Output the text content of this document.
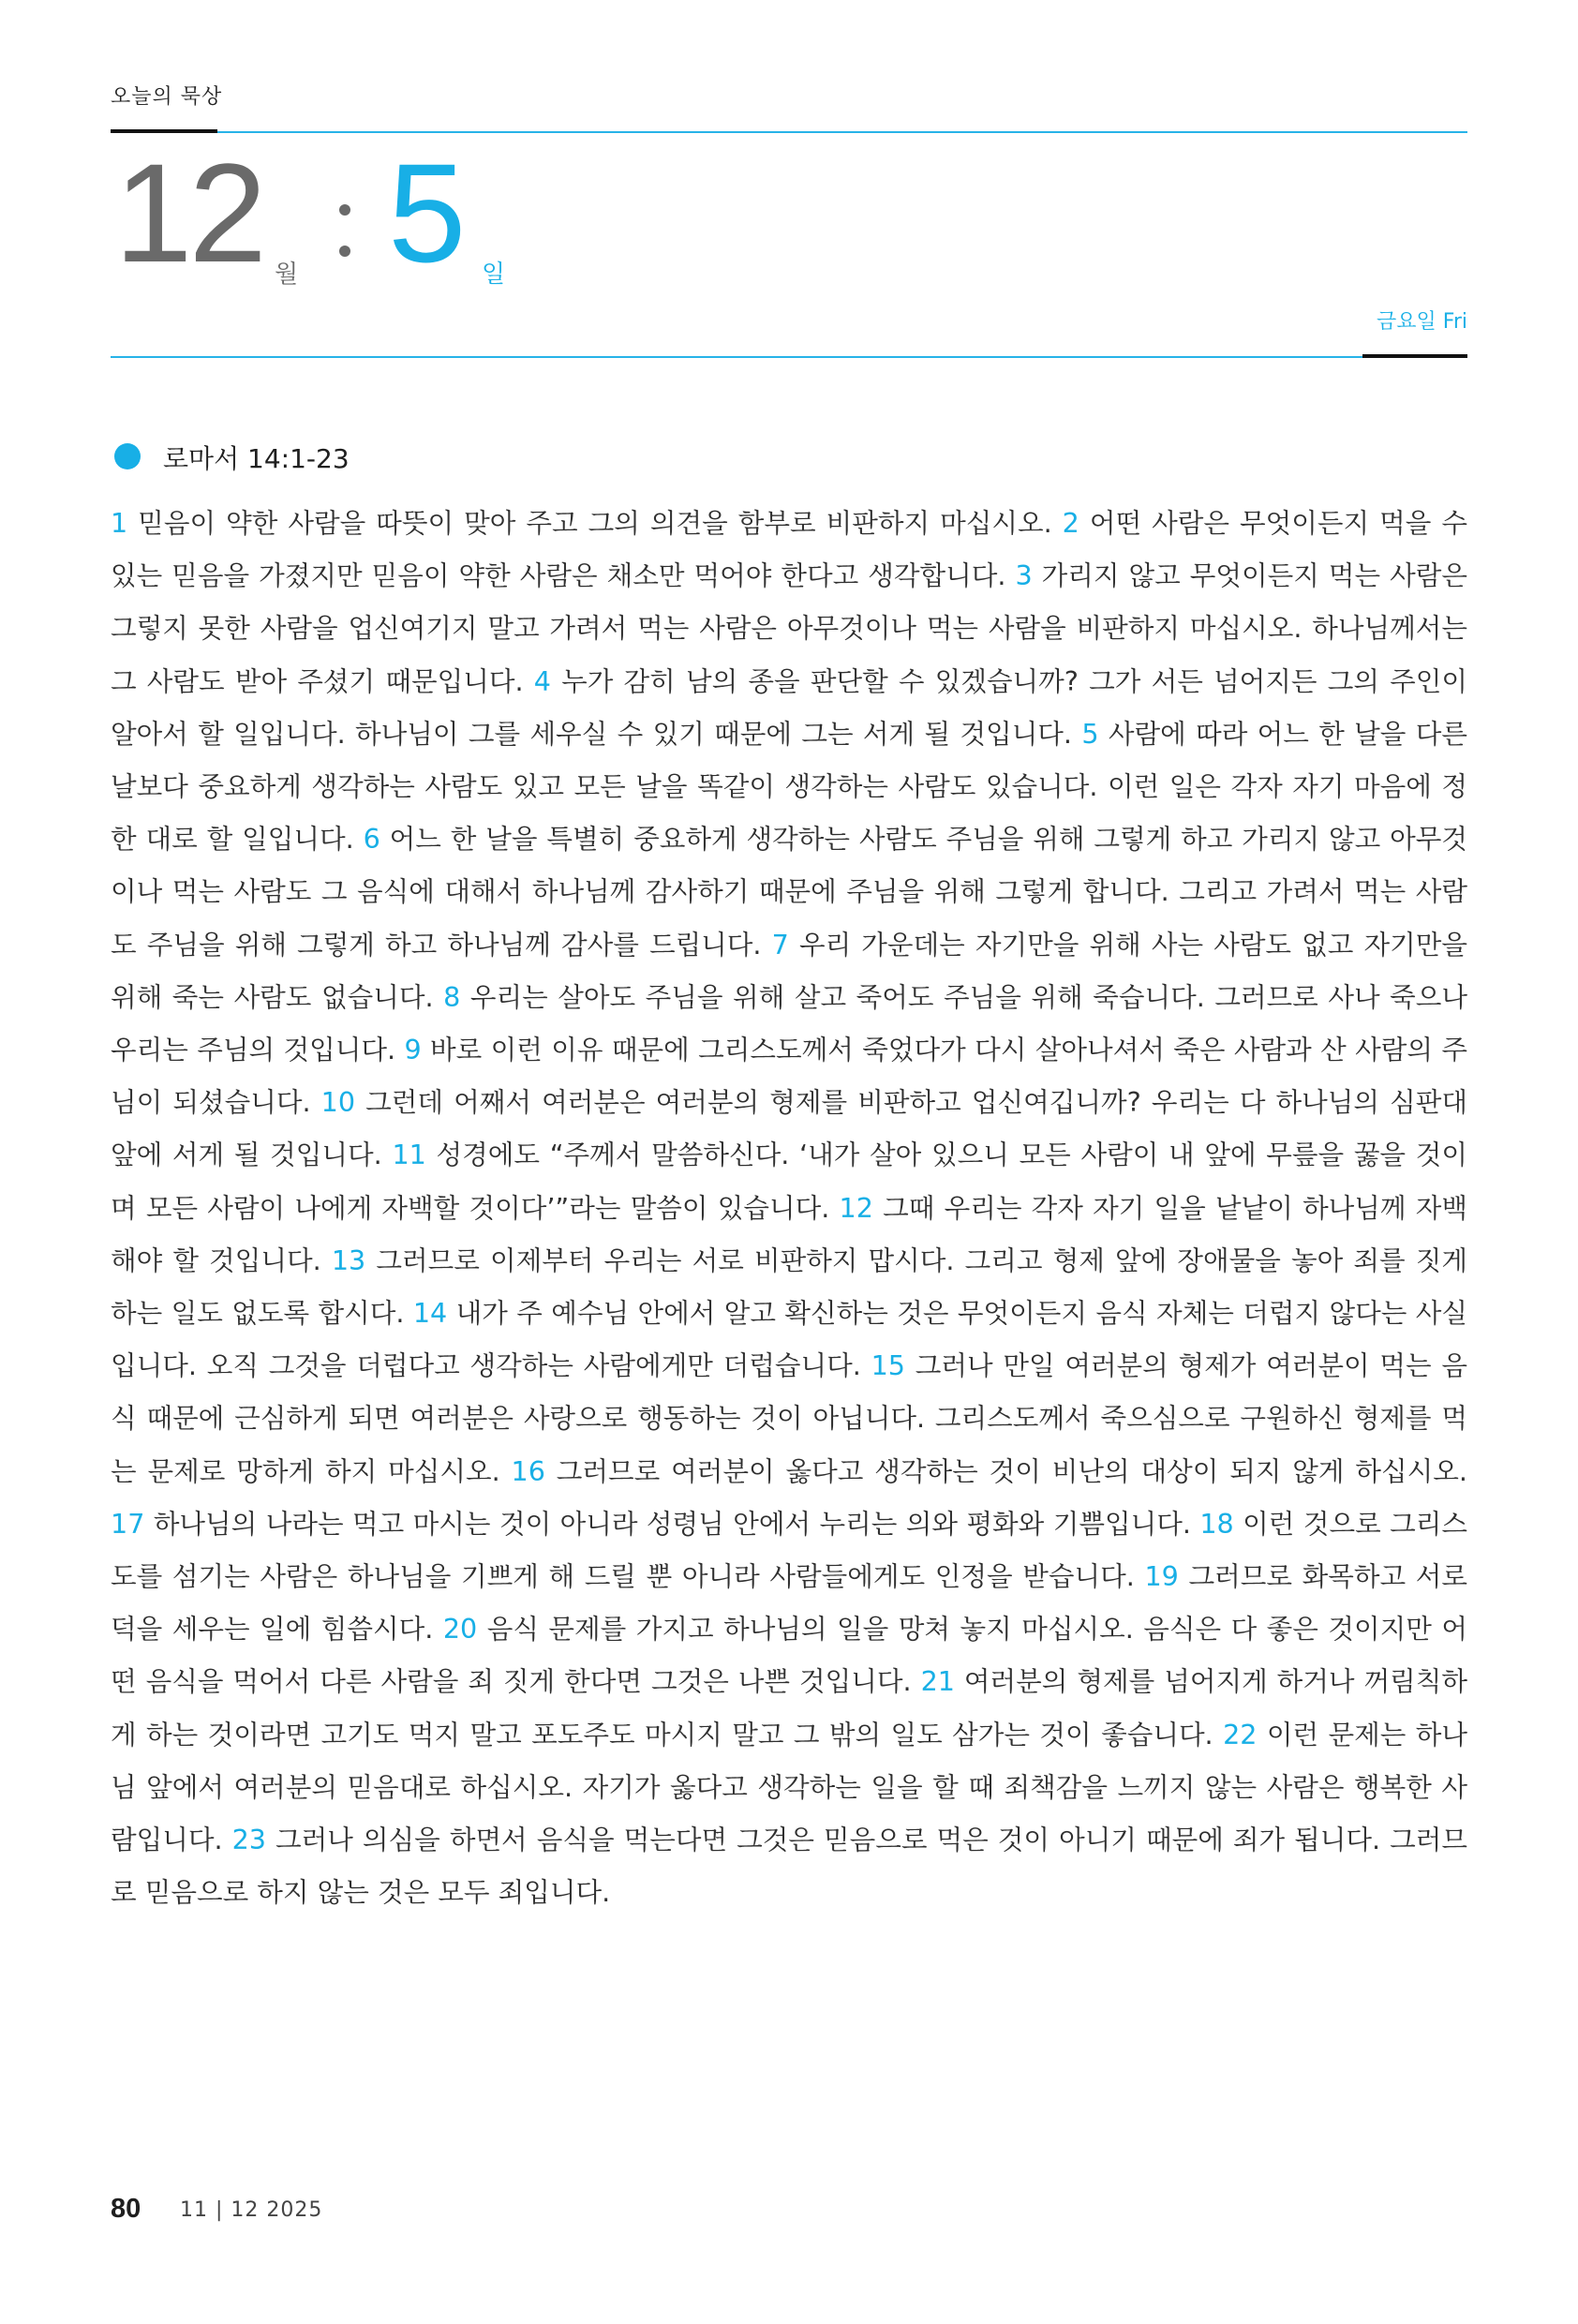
오늘의 묵상
12 월 5 일
금요일 Fri
로마서 14:1-23
1 믿음이 약한 사람을 따뜻이 맞아 주고 그의 의견을 함부로 비판하지 마십시오. 2 어떤 사람은 무엇이든지 먹을 수 있는 믿음을 가졌지만 믿음이 약한 사람은 채소만 먹어야 한다고 생각합니다. 3 가리지 않고 무엇이든지 먹는 사람은 그렇지 못한 사람을 업신여기지 말고 가려서 먹는 사람은 아무것이나 먹는 사람을 비판하지 마십시오. 하나님께서는 그 사람도 받아 주셨기 때문입니다. 4 누가 감히 남의 종을 판단할 수 있겠습니까? 그가 서든 넘어지든 그의 주인이 알아서 할 일입니다. 하나님이 그를 세우실 수 있기 때문에 그는 서게 될 것입니다. 5 사람에 따라 어느 한 날을 다른 날보다 중요하게 생각하는 사람도 있고 모든 날을 똑같이 생각하는 사람도 있습니다. 이런 일은 각자 자기 마음에 정한 대로 할 일입니다. 6 어느 한 날을 특별히 중요하게 생각하는 사람도 주님을 위해 그렇게 하고 가리지 않고 아무것이나 먹는 사람도 그 음식에 대해서 하나님께 감사하기 때문에 주님을 위해 그렇게 합니다. 그리고 가려서 먹는 사람도 주님을 위해 그렇게 하고 하나님께 감사를 드립니다. 7 우리 가운데는 자기만을 위해 사는 사람도 없고 자기만을 위해 죽는 사람도 없습니다. 8 우리는 살아도 주님을 위해 살고 죽어도 주님을 위해 죽습니다. 그러므로 사나 죽으나 우리는 주님의 것입니다. 9 바로 이런 이유 때문에 그리스도께서 죽었다가 다시 살아나셔서 죽은 사람과 산 사람의 주님이 되셨습니다. 10 그런데 어째서 여러분은 여러분의 형제를 비판하고 업신여깁니까? 우리는 다 하나님의 심판대 앞에 서게 될 것입니다. 11 성경에도 “주께서 말씀하신다. ‘내가 살아 있으니 모든 사람이 내 앞에 무릎을 꿇을 것이며 모든 사람이 나에게 자백할 것이다’”라는 말씀이 있습니다. 12 그때 우리는 각자 자기 일을 낱낱이 하나님께 자백해야 할 것입니다. 13 그러므로 이제부터 우리는 서로 비판하지 맙시다. 그리고 형제 앞에 장애물을 놓아 죄를 짓게 하는 일도 없도록 합시다. 14 내가 주 예수님 안에서 알고 확신하는 것은 무엇이든지 음식 자체는 더럽지 않다는 사실입니다. 오직 그것을 더럽다고 생각하는 사람에게만 더럽습니다. 15 그러나 만일 여러분의 형제가 여러분이 먹는 음식 때문에 근심하게 되면 여러분은 사랑으로 행동하는 것이 아닙니다. 그리스도께서 죽으심으로 구원하신 형제를 먹는 문제로 망하게 하지 마십시오. 16 그러므로 여러분이 옳다고 생각하는 것이 비난의 대상이 되지 않게 하십시오. 17 하나님의 나라는 먹고 마시는 것이 아니라 성령님 안에서 누리는 의와 평화와 기쁨입니다. 18 이런 것으로 그리스도를 섬기는 사람은 하나님을 기쁘게 해 드릴 뿐 아니라 사람들에게도 인정을 받습니다. 19 그러므로 화목하고 서로 덕을 세우는 일에 힘씁시다. 20 음식 문제를 가지고 하나님의 일을 망쳐 놓지 마십시오. 음식은 다 좋은 것이지만 어떤 음식을 먹어서 다른 사람을 죄 짓게 한다면 그것은 나쁜 것입니다. 21 여러분의 형제를 넘어지게 하거나 꺼림칙하게 하는 것이라면 고기도 먹지 말고 포도주도 마시지 말고 그 밖의 일도 삼가는 것이 좋습니다. 22 이런 문제는 하나님 앞에서 여러분의 믿음대로 하십시오. 자기가 옳다고 생각하는 일을 할 때 죄책감을 느끼지 않는 사람은 행복한 사람입니다. 23 그러나 의심을 하면서 음식을 먹는다면 그것은 믿음으로 먹은 것이 아니기 때문에 죄가 됩니다. 그러므로 믿음으로 하지 않는 것은 모두 죄입니다.
80 11 | 12 2025
